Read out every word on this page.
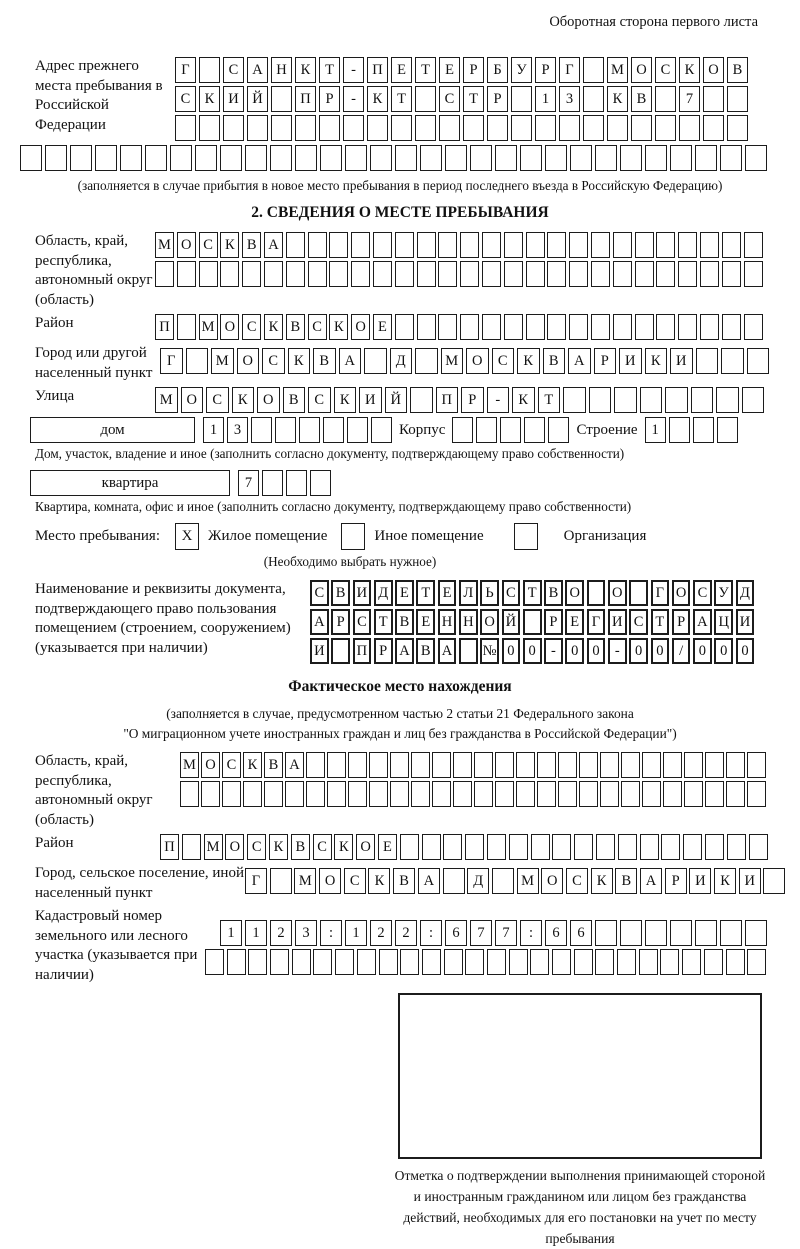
Оборотная сторона первого листа
Адрес прежнего места пребывания в Российской Федерации
Г	С А Н К	Т	-	П Е	Т	Е	Р	Б	У	Р	Г	М О С К О В
С К И Й	П	Р	-	К	Т	С	Т	Р	1	3	К В	7
(заполняется в случае прибытия в новое место пребывания в период последнего въезда в Российскую Федерацию)
2. СВЕДЕНИЯ О МЕСТЕ ПРЕБЫВАНИЯ
Область, край, республика, автономный округ (область)
М О С К В А
Район	П М О С К В С К О Е
Город или другой населенный пункт
Г	М О	С	К	В	А	Д	М О	С	К	В	А	Р	И	К	И
Улица	М О	С	К	О	В	С	К	И	Й	П	Р	-	К	Т
дом	1	3	Корпус	Строение 1
Дом, участок, владение и иное (заполнить согласно документу, подтверждающему право собственности)
квартира	7
Квартира, комната, офис и иное (заполнить согласно документу, подтверждающему право собственности)
Место пребывания:	X	Жилое помещение	Иное помещение	Организация
(Необходимо выбрать нужное)
Наименование и реквизиты документа, подтверждающего право пользования помещением (строением, сооружением) (указывается при наличии)
С В И Д Е Т Е Л Ь С Т В О О	Г О С У Д
А Р С Т В Е Н Н О Й	Р Е Г И С Т Р А Ц И
И П Р А В А № 0 0	-	0 0	-	0 0	/	0 0 0
Фактическое место нахождения
(заполняется в случае, предусмотренном частью 2 статьи 21 Федерального закона
"О миграционном учете иностранных граждан и лиц без гражданства в Российской Федерации")
Область, край, республика, автономный округ (область)
М О С К В А
Район	П М О С К В С К О Е
Город, сельское поселение, иной населенный пункт
Г	М О	С	К	В	А	Д	М О	С	К	В	А	Р	И	К	И
Кадастровый номер земельного или лесного участка (указывается при наличии)
1	1	2	3	:	1	2	2	:	6	7	7	:	6	6
Отметка о подтверждении выполнения принимающей стороной и иностранным гражданином или лицом без гражданства действий, необходимых для его постановки на учет по месту пребывания
